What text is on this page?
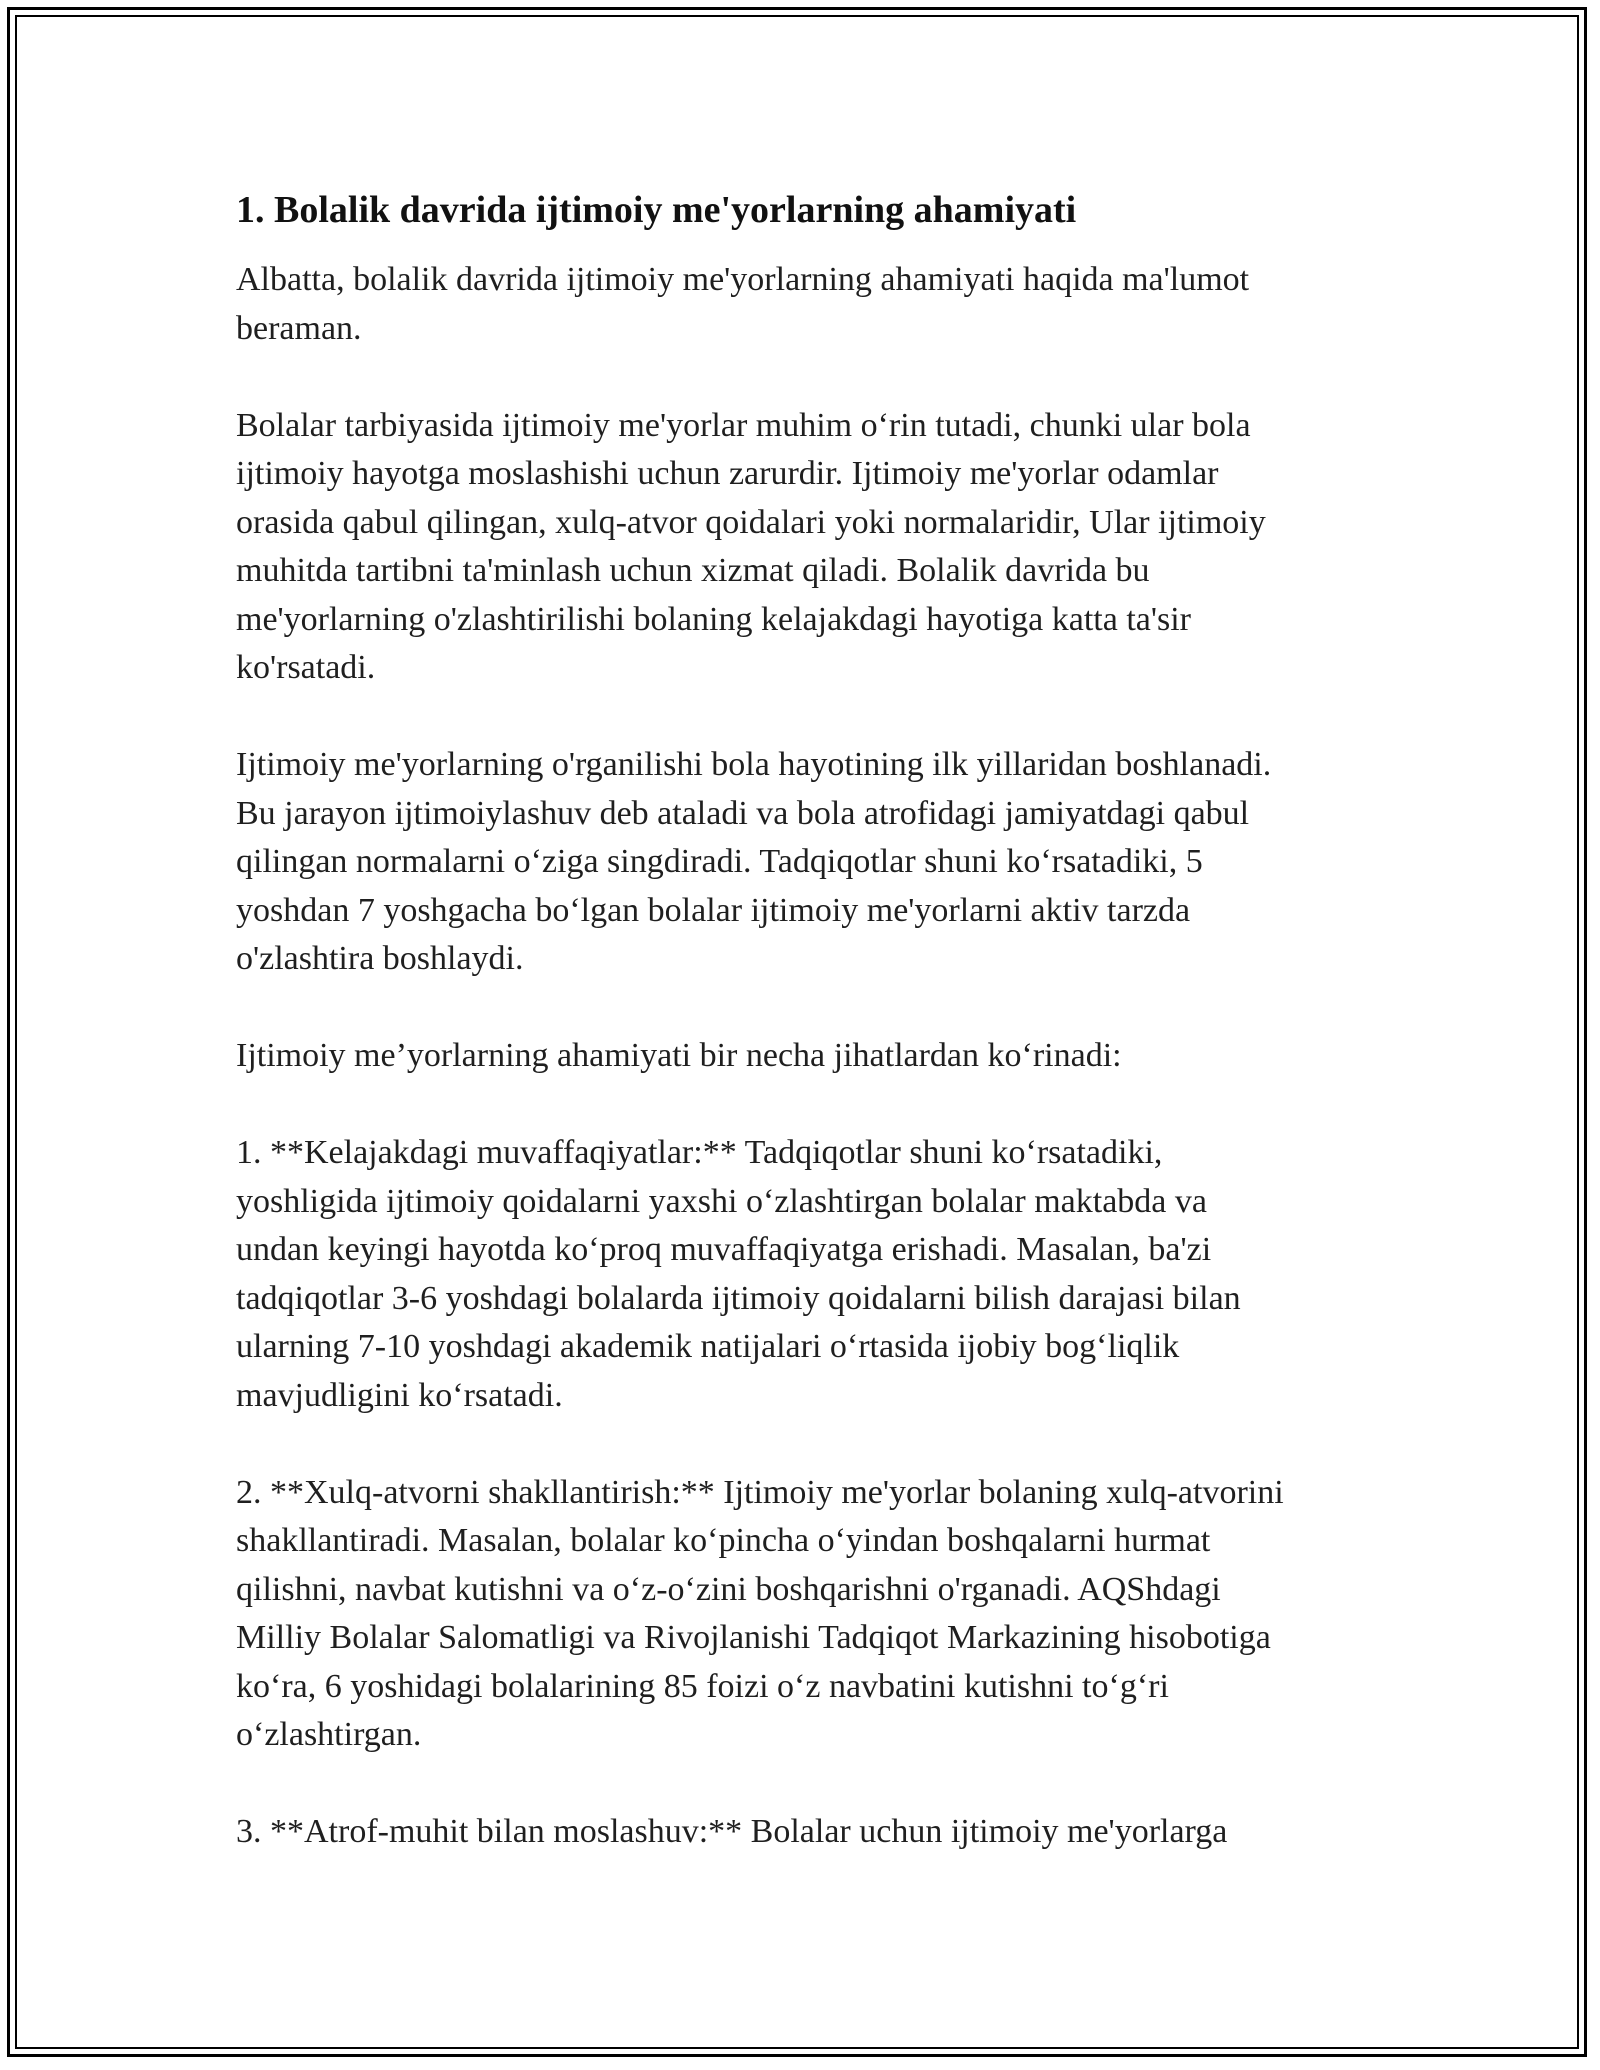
1. Bolalik davrida ijtimoiy me'yorlarning ahamiyati
Albatta, bolalik davrida ijtimoiy me'yorlarning ahamiyati haqida ma'lumot
beraman.
Bolalar tarbiyasida ijtimoiy me'yorlar muhim o‘rin tutadi, chunki ular bola
ijtimoiy hayotga moslashishi uchun zarurdir. Ijtimoiy me'yorlar odamlar
orasida qabul qilingan, xulq-atvor qoidalari yoki normalaridir, Ular ijtimoiy
muhitda tartibni ta'minlash uchun xizmat qiladi. Bolalik davrida bu
me'yorlarning o'zlashtirilishi bolaning kelajakdagi hayotiga katta ta'sir
ko'rsatadi.
Ijtimoiy me'yorlarning o'rganilishi bola hayotining ilk yillaridan boshlanadi.
Bu jarayon ijtimoiylashuv deb ataladi va bola atrofidagi jamiyatdagi qabul
qilingan normalarni o‘ziga singdiradi. Tadqiqotlar shuni ko‘rsatadiki, 5
yoshdan 7 yoshgacha bo‘lgan bolalar ijtimoiy me'yorlarni aktiv tarzda
o'zlashtira boshlaydi.
Ijtimoiy me’yorlarning ahamiyati bir necha jihatlardan ko‘rinadi:
1. **Kelajakdagi muvaffaqiyatlar:** Tadqiqotlar shuni ko‘rsatadiki,
yoshligida ijtimoiy qoidalarni yaxshi o‘zlashtirgan bolalar maktabda va
undan keyingi hayotda ko‘proq muvaffaqiyatga erishadi. Masalan, ba'zi
tadqiqotlar 3-6 yoshdagi bolalarda ijtimoiy qoidalarni bilish darajasi bilan
ularning 7-10 yoshdagi akademik natijalari o‘rtasida ijobiy bog‘liqlik
mavjudligini ko‘rsatadi.
2. **Xulq-atvorni shakllantirish:** Ijtimoiy me'yorlar bolaning xulq-atvorini
shakllantiradi. Masalan, bolalar ko‘pincha o‘yindan boshqalarni hurmat
qilishni, navbat kutishni va o‘z-o‘zini boshqarishni o'rganadi. AQShdagi
Milliy Bolalar Salomatligi va Rivojlanishi Tadqiqot Markazining hisobotiga
ko‘ra, 6 yoshidagi bolalarining 85 foizi o‘z navbatini kutishni to‘g‘ri
o‘zlashtirgan.
3. **Atrof-muhit bilan moslashuv:** Bolalar uchun ijtimoiy me'yorlarga
